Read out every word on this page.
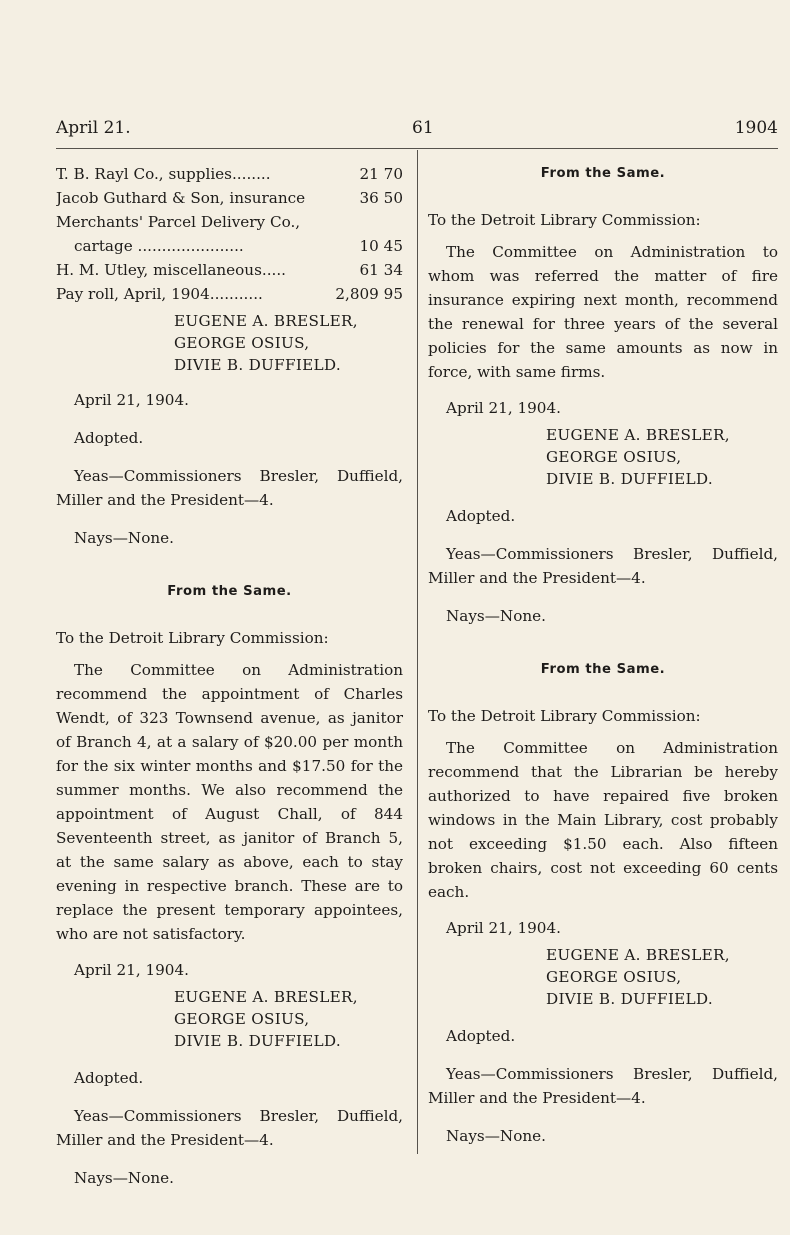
April 21.	61	1904
T. B. Rayl Co., supplies........	21 70
Jacob Guthard & Son, insurance	36 50
Merchants' Parcel Delivery Co.,
cartage ......................	10 45
H. M. Utley, miscellaneous.....	61 34
Pay roll, April, 1904...........	2,809 95
EUGENE A. BRESLER,
GEORGE OSIUS,
DIVIE B. DUFFIELD.
April 21, 1904.
Adopted.
Yeas—Commissioners Bresler, Duffield, Miller and the President—4.
Nays—None.
From the Same.
To the Detroit Library Commission:
The Committee on Administration recommend the appointment of Charles Wendt, of 323 Townsend avenue, as janitor of Branch 4, at a salary of $20.00 per month for the six winter months and $17.50 for the summer months. We also recommend the appointment of August Chall, of 844 Seventeenth street, as janitor of Branch 5, at the same salary as above, each to stay evening in respective branch. These are to replace the present temporary appointees, who are not satisfactory.
April 21, 1904.
EUGENE A. BRESLER,
GEORGE OSIUS,
DIVIE B. DUFFIELD.
Adopted.
Yeas—Commissioners Bresler, Duffield, Miller and the President—4.
Nays—None.
From the Same.
To the Detroit Library Commission:
The Committee on Administration to whom was referred the matter of fire insurance expiring next month, recommend the renewal for three years of the several policies for the same amounts as now in force, with same firms.
April 21, 1904.
EUGENE A. BRESLER,
GEORGE OSIUS,
DIVIE B. DUFFIELD.
Adopted.
Yeas—Commissioners Bresler, Duffield, Miller and the President—4.
Nays—None.
From the Same.
To the Detroit Library Commission:
The Committee on Administration recommend that the Librarian be hereby authorized to have repaired five broken windows in the Main Library, cost probably not exceeding $1.50 each. Also fifteen broken chairs, cost not exceeding 60 cents each.
April 21, 1904.
EUGENE A. BRESLER,
GEORGE OSIUS,
DIVIE B. DUFFIELD.
Adopted.
Yeas—Commissioners Bresler, Duffield, Miller and the President—4.
Nays—None.
